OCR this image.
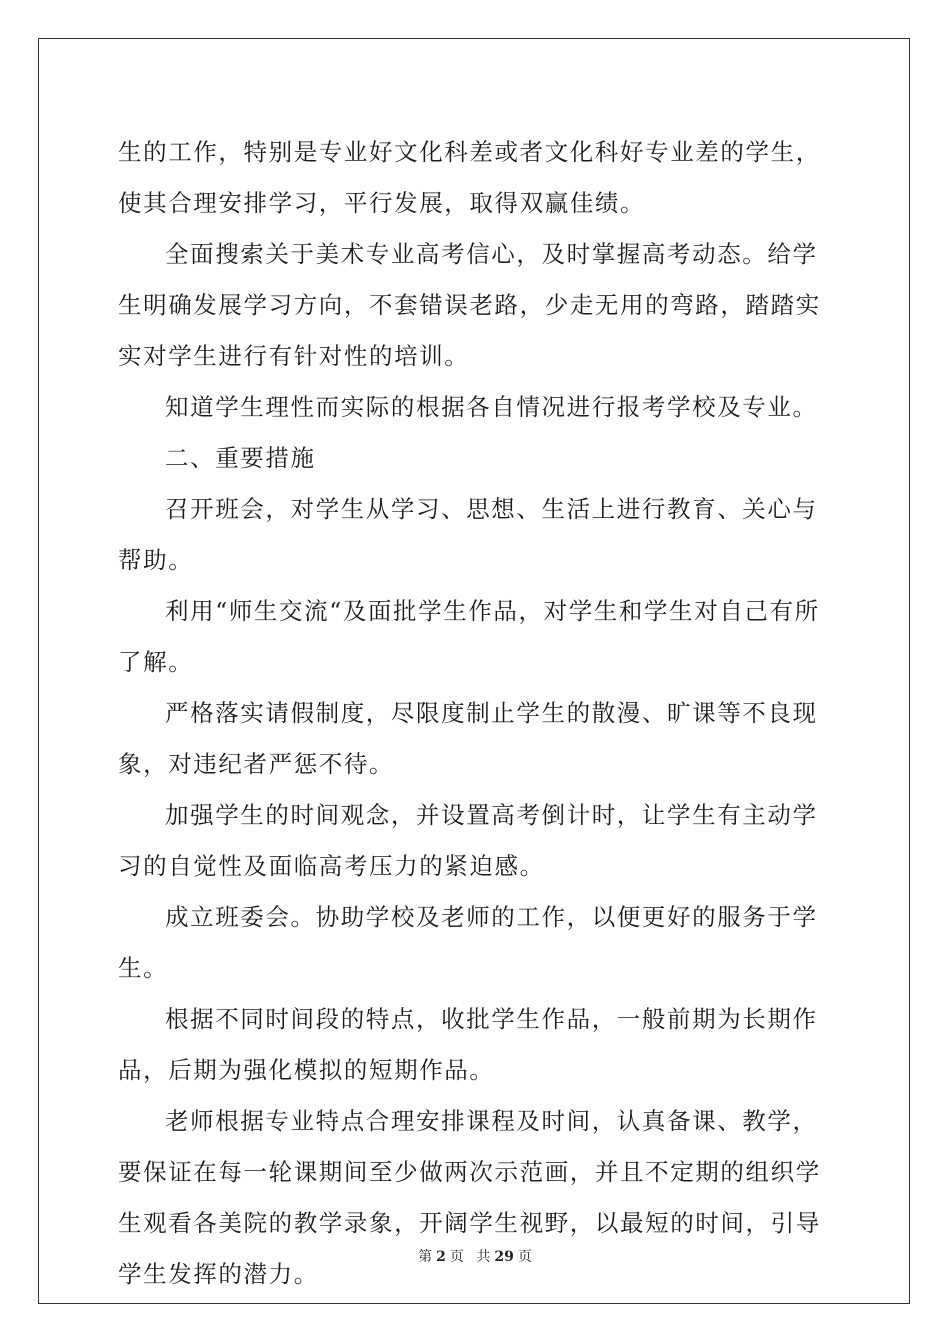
生的工作，特别是专业好文化科差或者文化科好专业差的学生，使其合理安排学习，平行发展，取得双赢佳绩。

全面搜索关于美术专业高考信心，及时掌握高考动态。给学生明确发展学习方向，不套错误老路，少走无用的弯路，踏踏实实对学生进行有针对性的培训。

知道学生理性而实际的根据各自情况进行报考学校及专业。

二、重要措施

召开班会，对学生从学习、思想、生活上进行教育、关心与帮助。

利用“师生交流“及面批学生作品，对学生和学生对自己有所了解。

严格落实请假制度，尽限度制止学生的散漫、旷课等不良现象，对违纪者严惩不待。

加强学生的时间观念，并设置高考倒计时，让学生有主动学习的自觉性及面临高考压力的紧迫感。

成立班委会。协助学校及老师的工作，以便更好的服务于学生。

根据不同时间段的特点，收批学生作品，一般前期为长期作品，后期为强化模拟的短期作品。

老师根据专业特点合理安排课程及时间，认真备课、教学，要保证在每一轮课期间至少做两次示范画，并且不定期的组织学生观看各美院的教学录象，开阔学生视野，以最短的时间，引导学生发挥的潜力。

第 2 页 共 29 页
